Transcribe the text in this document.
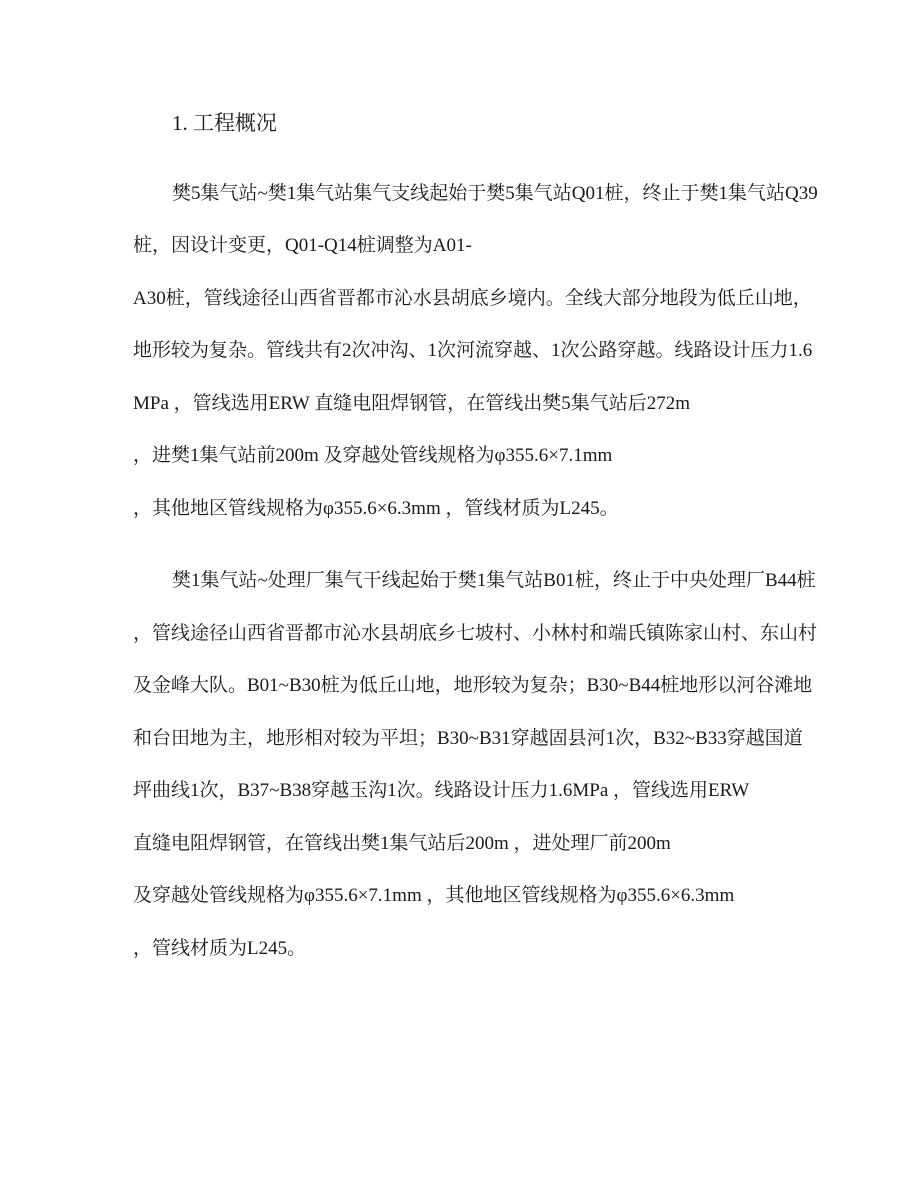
1. 工程概况
樊5集气站~樊1集气站集气支线起始于樊5集气站Q01桩，终止于樊1集气站Q39
桩，因设计变更，Q01-Q14桩调整为A01-
A30桩，管线途径山西省晋都市沁水县胡底乡境内。全线大部分地段为低丘山地，
地形较为复杂。管线共有2次冲沟、1次河流穿越、1次公路穿越。线路设计压力1.6
MPa ，管线选用ERW 直缝电阻焊钢管，在管线出樊5集气站后272m
，进樊1集气站前200m 及穿越处管线规格为φ355.6×7.1mm
，其他地区管线规格为φ355.6×6.3mm ，管线材质为L245。
樊1集气站~处理厂集气干线起始于樊1集气站B01桩，终止于中央处理厂B44桩
，管线途径山西省晋都市沁水县胡底乡七坡村、小林村和端氏镇陈家山村、东山村
及金峰大队。B01~B30桩为低丘山地，地形较为复杂；B30~B44桩地形以河谷滩地
和台田地为主，地形相对较为平坦；B30~B31穿越固县河1次，B32~B33穿越国道
坪曲线1次，B37~B38穿越玉沟1次。线路设计压力1.6MPa ，管线选用ERW
直缝电阻焊钢管，在管线出樊1集气站后200m ，进处理厂前200m
及穿越处管线规格为φ355.6×7.1mm ，其他地区管线规格为φ355.6×6.3mm
，管线材质为L245。
